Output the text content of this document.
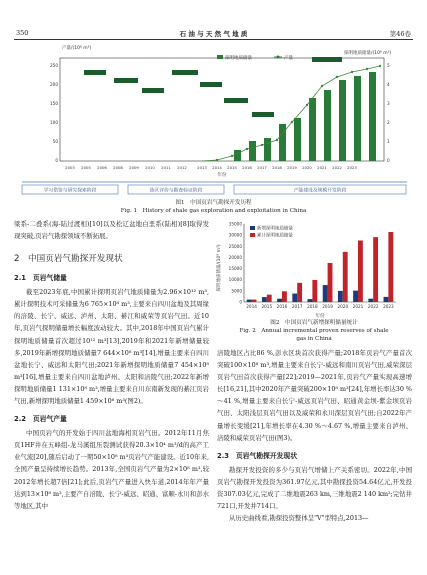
350	石 油 与 天 然 气 地 质	第46卷
产量/(10⁸ m³)
探明地质储量/(10⁸ m³)
0
50
100
150
200
250
0
1
2
3
4
5
探明地质储量	产量
2003 2005 2006 2008 2009 2010 2011 2012	2013 2014 2015 2016 2017 2018 2019 2020 2021 2022 2023
年份
学习借鉴与研究探索阶段	选区评价与勘查验证阶段	产能建设及规模开发阶段
图1　中国页岩气勘探开发历程
Fig. 1　History of shale gas exploration and exploitation in China

梁系-二叠系(海-陆过渡相)[10]以及松辽盆地白垩系(陆相)[8]取得发现突破,页岩气勘探领域不断拓展。

2　中国页岩气勘探开发现状
2.1　页岩气储量

截至2023年底,中国累计探明页岩气地质储量为2.96×10¹² m³,累计探明技术可采储量为6 765×10⁸ m³,主要来自四川盆地及其周缘的涪陵、长宁、威远、泸州、太阳、綦江和威荣等页岩气田。近10年,页岩气探明储量增长幅度波动较大。其中,2018年中国页岩气累计探明地质储量首次超过10¹² m³[13],2019年和2021年新增储量较多,2019年新增探明地质储量7 644×10⁸ m³[14],增量主要来自四川盆地长宁、威远和太阳气田;2021年新增探明地质储量7 454×10⁸ m³[16],增量主要来自四川盆地泸州、太阳和涪陵气田;2022年新增探明地质储量1 131×10⁸ m³,增量主要来自川东南新发现的綦江页岩气田,新增探明地质储量1 459×10⁸ m³(图2)。

2.2　页岩气产量

中国页岩气的开发始于四川盆地海相页岩气田。2012年11月焦页1HF井在五峰组-龙马溪组压裂测试获得20.3×10⁴ m³/d的高产工业气流[20],随后启动了一期50×10⁸ m³页岩气产能建设。近10年来,全国产量呈持续增长趋势。2013年,全国页岩气产量为2×10⁸ m³,较2012年增长超7倍[21];此后,页岩气产量进入快车道,2014年年产量达到13×10⁸ m³,主要产自涪陵、长宁-威远、昭通、富顺-永川和彭水等地区,其中

探明地质储量/(10⁸ m³)
0
5000
10000
15000
20000
25000
30000
35000
2014 2015 2016 2017 2018 2019 2020 2021 2022 2023
年份
新增探明地质储量
累计探明地质储量
图2　中国页岩气新增探明储量统计
Fig. 2　Annual incremental proven reserves of shale
gas in China

涪陵地区占比86 %,彭水区块首次获得产量;2018年页岩气产量首次突破100×10⁸ m³,增量主要来自长宁-威远和南川页岩气田,威荣深层页岩气田首次获得产量[22];2019—2021年,页岩气产量实现高速增长[16,21],其中2020年产量突破200×10⁸ m³[24],年增长率达30 %～41 %,增量主要来自长宁-威远页岩气田、昭通黄金坝-紫金坝页岩气田、太阳浅层页岩气田以及威荣和永川深层页岩气田;自2022年产量增长变缓[21],年增长率在4.30 %～4.67 %,增量主要来自泸州、涪陵和威荣页岩气田(图3)。

2.3　页岩气勘探开发现状

勘探开发投资的多少与页岩气增储上产关系密切。2022年,中国页岩气勘探开发投资为361.97亿元,其中勘探投资54.64亿元,开发投资307.03亿元,完成了二维地震263 km,三维地震2 140 km²;完钻井721口,开发井714口。

从历史曲线看,勘探投资整体呈"V"型特点,2013—
